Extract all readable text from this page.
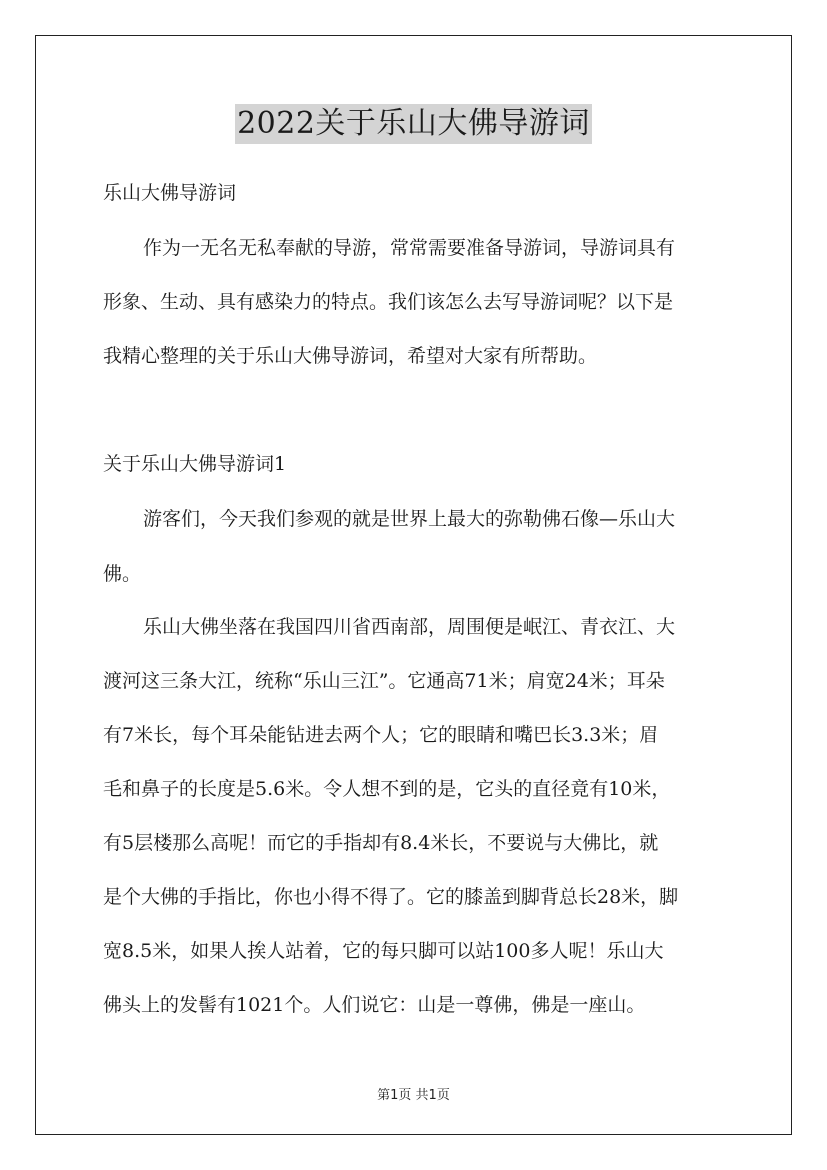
2022关于乐山大佛导游词
乐山大佛导游词
作为一无名无私奉献的导游，常常需要准备导游词，导游词具有
形象、生动、具有感染力的特点。我们该怎么去写导游词呢？以下是
我精心整理的关于乐山大佛导游词，希望对大家有所帮助。
关于乐山大佛导游词1
游客们，今天我们参观的就是世界上最大的弥勒佛石像—乐山大
佛。
乐山大佛坐落在我国四川省西南部，周围便是岷江、青衣江、大
渡河这三条大江，统称“乐山三江”。它通高71米；肩宽24米；耳朵
有7米长，每个耳朵能钻进去两个人；它的眼睛和嘴巴长3.3米；眉
毛和鼻子的长度是5.6米。令人想不到的是，它头的直径竟有10米，
有5层楼那么高呢！而它的手指却有8.4米长，不要说与大佛比，就
是个大佛的手指比，你也小得不得了。它的膝盖到脚背总长28米，脚
宽8.5米，如果人挨人站着，它的每只脚可以站100多人呢！乐山大
佛头上的发髻有1021个。人们说它：山是一尊佛，佛是一座山。
第1页 共1页
